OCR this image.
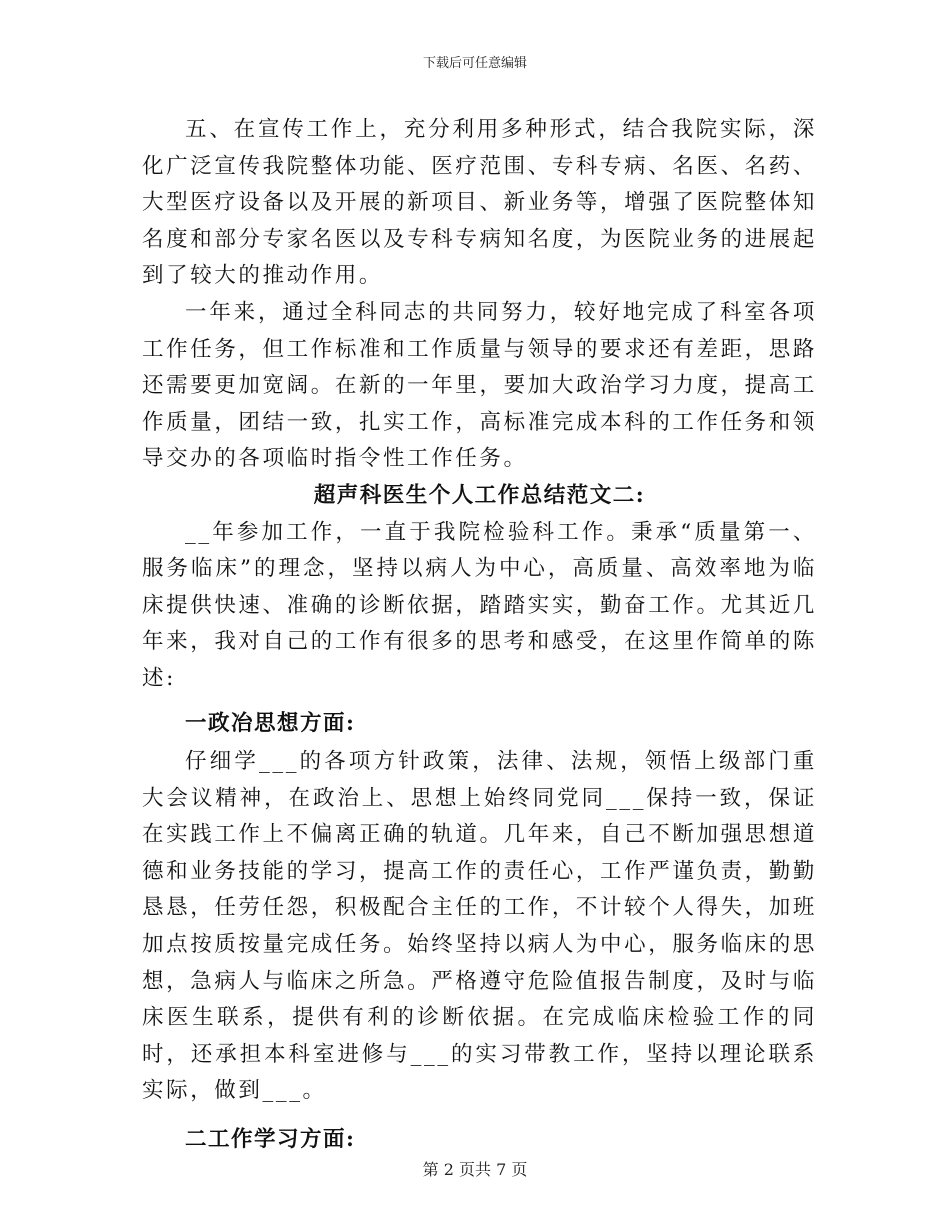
下载后可任意编辑

五、在宣传工作上，充分利用多种形式，结合我院实际，深化广泛宣传我院整体功能、医疗范围、专科专病、名医、名药、大型医疗设备以及开展的新项目、新业务等，增强了医院整体知名度和部分专家名医以及专科专病知名度，为医院业务的进展起到了较大的推动作用。

一年来，通过全科同志的共同努力，较好地完成了科室各项工作任务，但工作标准和工作质量与领导的要求还有差距，思路还需要更加宽阔。在新的一年里，要加大政治学习力度，提高工作质量，团结一致，扎实工作，高标准完成本科的工作任务和领导交办的各项临时指令性工作任务。

超声科医生个人工作总结范文二:

__年参加工作，一直于我院检验科工作。秉承“质量第一、服务临床”的理念，坚持以病人为中心，高质量、高效率地为临床提供快速、准确的诊断依据，踏踏实实，勤奋工作。尤其近几年来，我对自己的工作有很多的思考和感受，在这里作简单的陈述:

一政冶思想方面:

仔细学___的各项方针政策，法律、法规，领悟上级部门重大会议精神，在政治上、思想上始终同党同___保持一致，保证在实践工作上不偏离正确的轨道。几年来，自己不断加强思想道德和业务技能的学习，提高工作的责任心，工作严谨负责，勤勤恳恳，任劳任怨，积极配合主任的工作，不计较个人得失，加班加点按质按量完成任务。始终坚持以病人为中心，服务临床的思想，急病人与临床之所急。严格遵守危险值报告制度，及时与临床医生联系，提供有利的诊断依据。在完成临床检验工作的同时，还承担本科室进修与___的实习带教工作，坚持以理论联系实际，做到___。

二工作学习方面:

第 2 页共 7 页
